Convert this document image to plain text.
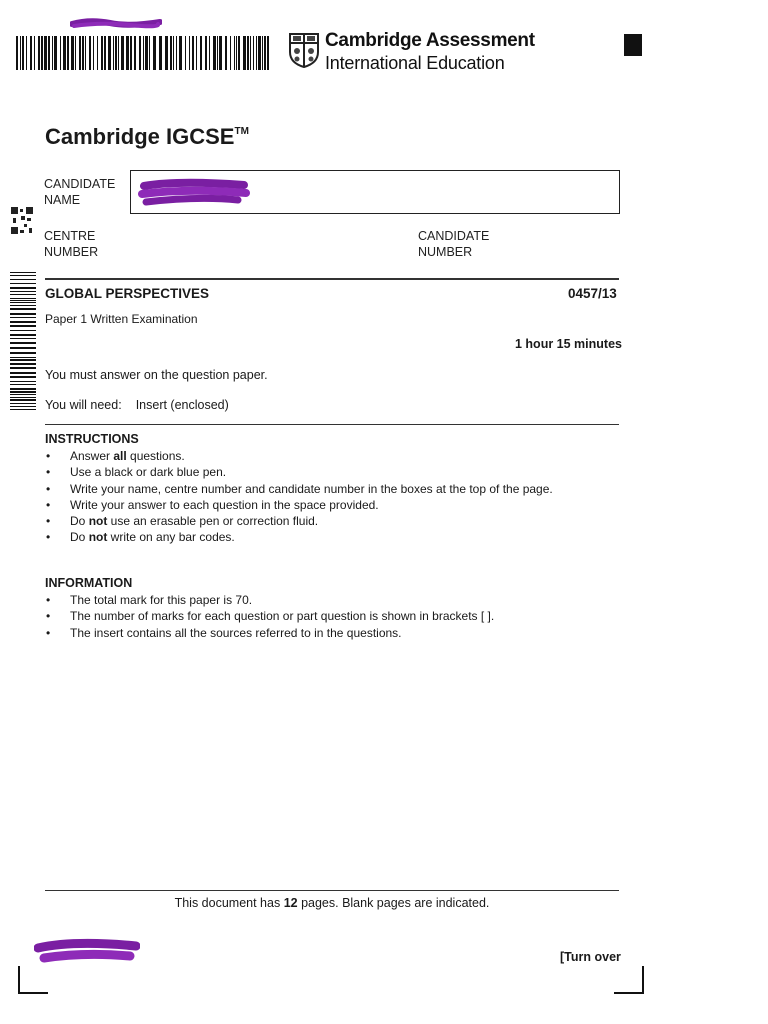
Cambridge Assessment
International Education
Cambridge IGCSE™
CANDIDATE
NAME
CENTRE
NUMBER
CANDIDATE
NUMBER
GLOBAL PERSPECTIVES	0457/13
Paper 1 Written Examination
1 hour 15 minutes
You must answer on the question paper.
You will need: Insert (enclosed)
INSTRUCTIONS
• Answer all questions.
• Use a black or dark blue pen.
• Write your name, centre number and candidate number in the boxes at the top of the page.
• Write your answer to each question in the space provided.
• Do not use an erasable pen or correction fluid.
• Do not write on any bar codes.
INFORMATION
• The total mark for this paper is 70.
• The number of marks for each question or part question is shown in brackets [ ].
• The insert contains all the sources referred to in the questions.
This document has 12 pages. Blank pages are indicated.
[Turn over
